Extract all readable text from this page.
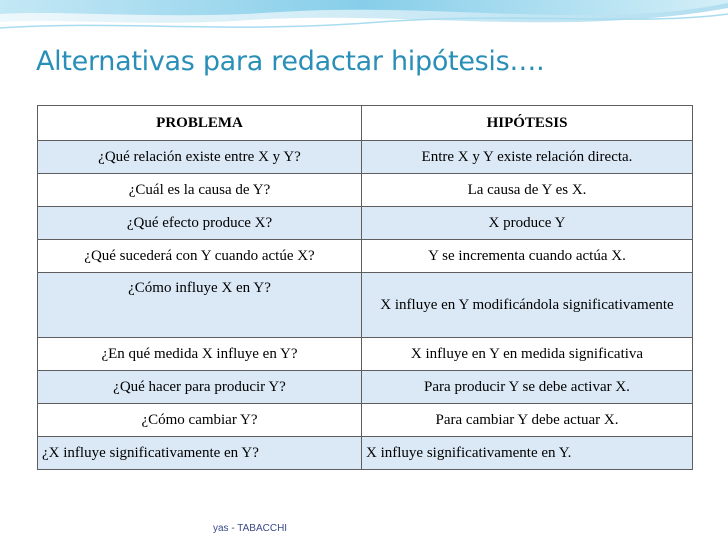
Alternativas para redactar hipótesis….
PROBLEMA	HIPÓTESIS
¿Qué relación existe entre X y Y?	Entre X y Y existe relación directa.
¿Cuál es la causa de Y?	La causa de Y es X.
¿Qué efecto produce X?	X produce Y
¿Qué sucederá con Y cuando actúe X?	Y se incrementa cuando actúa X.
¿Cómo influye X en Y?	X influye en Y modificándola significativamente
¿En qué medida X influye en Y?	X influye en Y en medida significativa
¿Qué hacer para producir Y?	Para producir Y se debe activar X.
¿Cómo cambiar Y?	Para cambiar Y debe actuar X.
¿X influye significativamente en Y?	X influye significativamente en Y.
yas - TABACCHI
